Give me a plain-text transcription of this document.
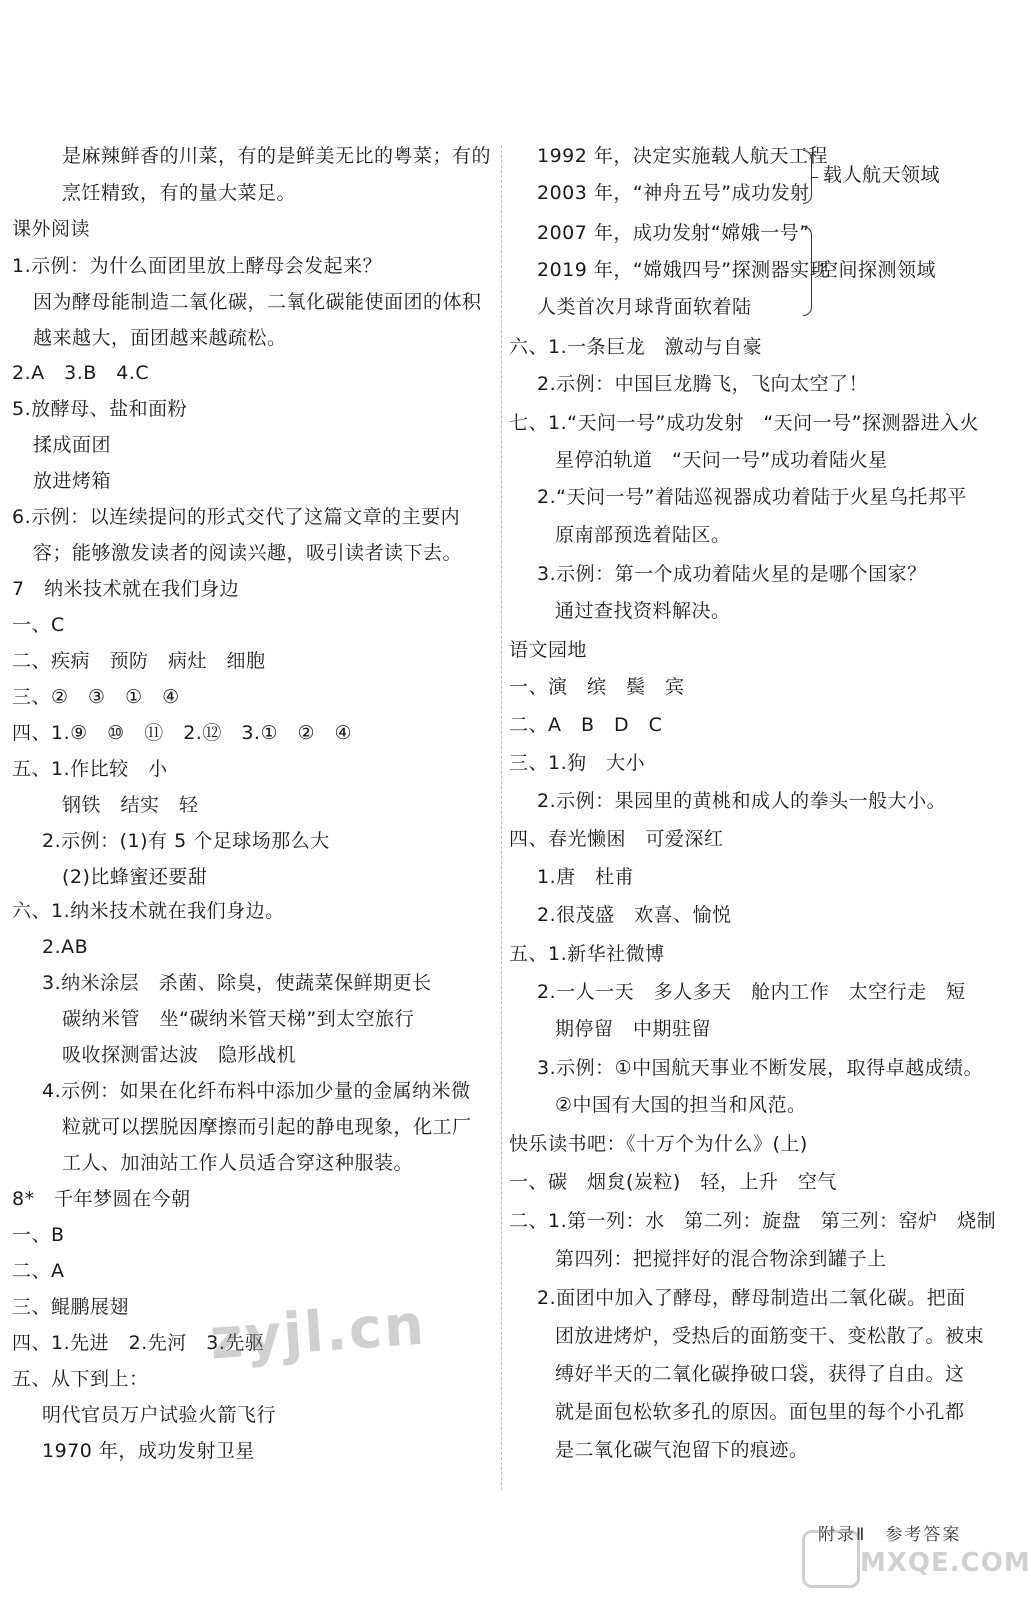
是麻辣鲜香的川菜，有的是鲜美无比的粤菜；有的
烹饪精致，有的量大菜足。
课外阅读
1.示例：为什么面团里放上酵母会发起来？
因为酵母能制造二氧化碳，二氧化碳能使面团的体积
越来越大，面团越来越疏松。
2.A　3.B　4.C
5.放酵母、盐和面粉
揉成面团
放进烤箱
6.示例：以连续提问的形式交代了这篇文章的主要内
容；能够激发读者的阅读兴趣，吸引读者读下去。
7　纳米技术就在我们身边
一、C
二、疾病　预防　病灶　细胞
三、②　③　①　④
四、1.⑨　⑩　⑪　2.⑫　3.①　②　④
五、1.作比较　小
钢铁　结实　轻
2.示例：(1)有 5 个足球场那么大
(2)比蜂蜜还要甜
六、1.纳米技术就在我们身边。
2.AB
3.纳米涂层　杀菌、除臭，使蔬菜保鲜期更长
碳纳米管　坐“碳纳米管天梯”到太空旅行
吸收探测雷达波　隐形战机
4.示例：如果在化纤布料中添加少量的金属纳米微
粒就可以摆脱因摩擦而引起的静电现象，化工厂
工人、加油站工作人员适合穿这种服装。
8*　千年梦圆在今朝
一、B
二、A
三、鲲鹏展翅
四、1.先进　2.先河　3.先驱
五、从下到上：
明代官员万户试验火箭飞行
1970 年，成功发射卫星
1992 年，决定实施载人航天工程
2003 年，“神舟五号”成功发射
载人航天领域
2007 年，成功发射“嫦娥一号”
2019 年，“嫦娥四号”探测器实现
人类首次月球背面软着陆
空间探测领域
六、1.一条巨龙　激动与自豪
2.示例：中国巨龙腾飞，飞向太空了！
七、1.“天问一号”成功发射　“天问一号”探测器进入火
星停泊轨道　“天问一号”成功着陆火星
2.“天问一号”着陆巡视器成功着陆于火星乌托邦平
原南部预选着陆区。
3.示例：第一个成功着陆火星的是哪个国家？
通过查找资料解决。
语文园地
一、演　缤　鬓　宾
二、A　B　D　C
三、1.狗　大小
2.示例：果园里的黄桃和成人的拳头一般大小。
四、春光懒困　可爱深红
1.唐　杜甫
2.很茂盛　欢喜、愉悦
五、1.新华社微博
2.一人一天　多人多天　舱内工作　太空行走　短
期停留　中期驻留
3.示例：①中国航天事业不断发展，取得卓越成绩。
②中国有大国的担当和风范。
快乐读书吧：《十万个为什么》(上)
一、碳　烟炱(炭粒)　轻，上升　空气
二、1.第一列：水　第二列：旋盘　第三列：窑炉　烧制
第四列：把搅拌好的混合物涂到罐子上
2.面团中加入了酵母，酵母制造出二氧化碳。把面
团放进烤炉，受热后的面筋变干、变松散了。被束
缚好半天的二氧化碳挣破口袋，获得了自由。这
就是面包松软多孔的原因。面包里的每个小孔都
是二氧化碳气泡留下的痕迹。
附录Ⅱ　参考答案
zyjl.cn
MXQE.COM
